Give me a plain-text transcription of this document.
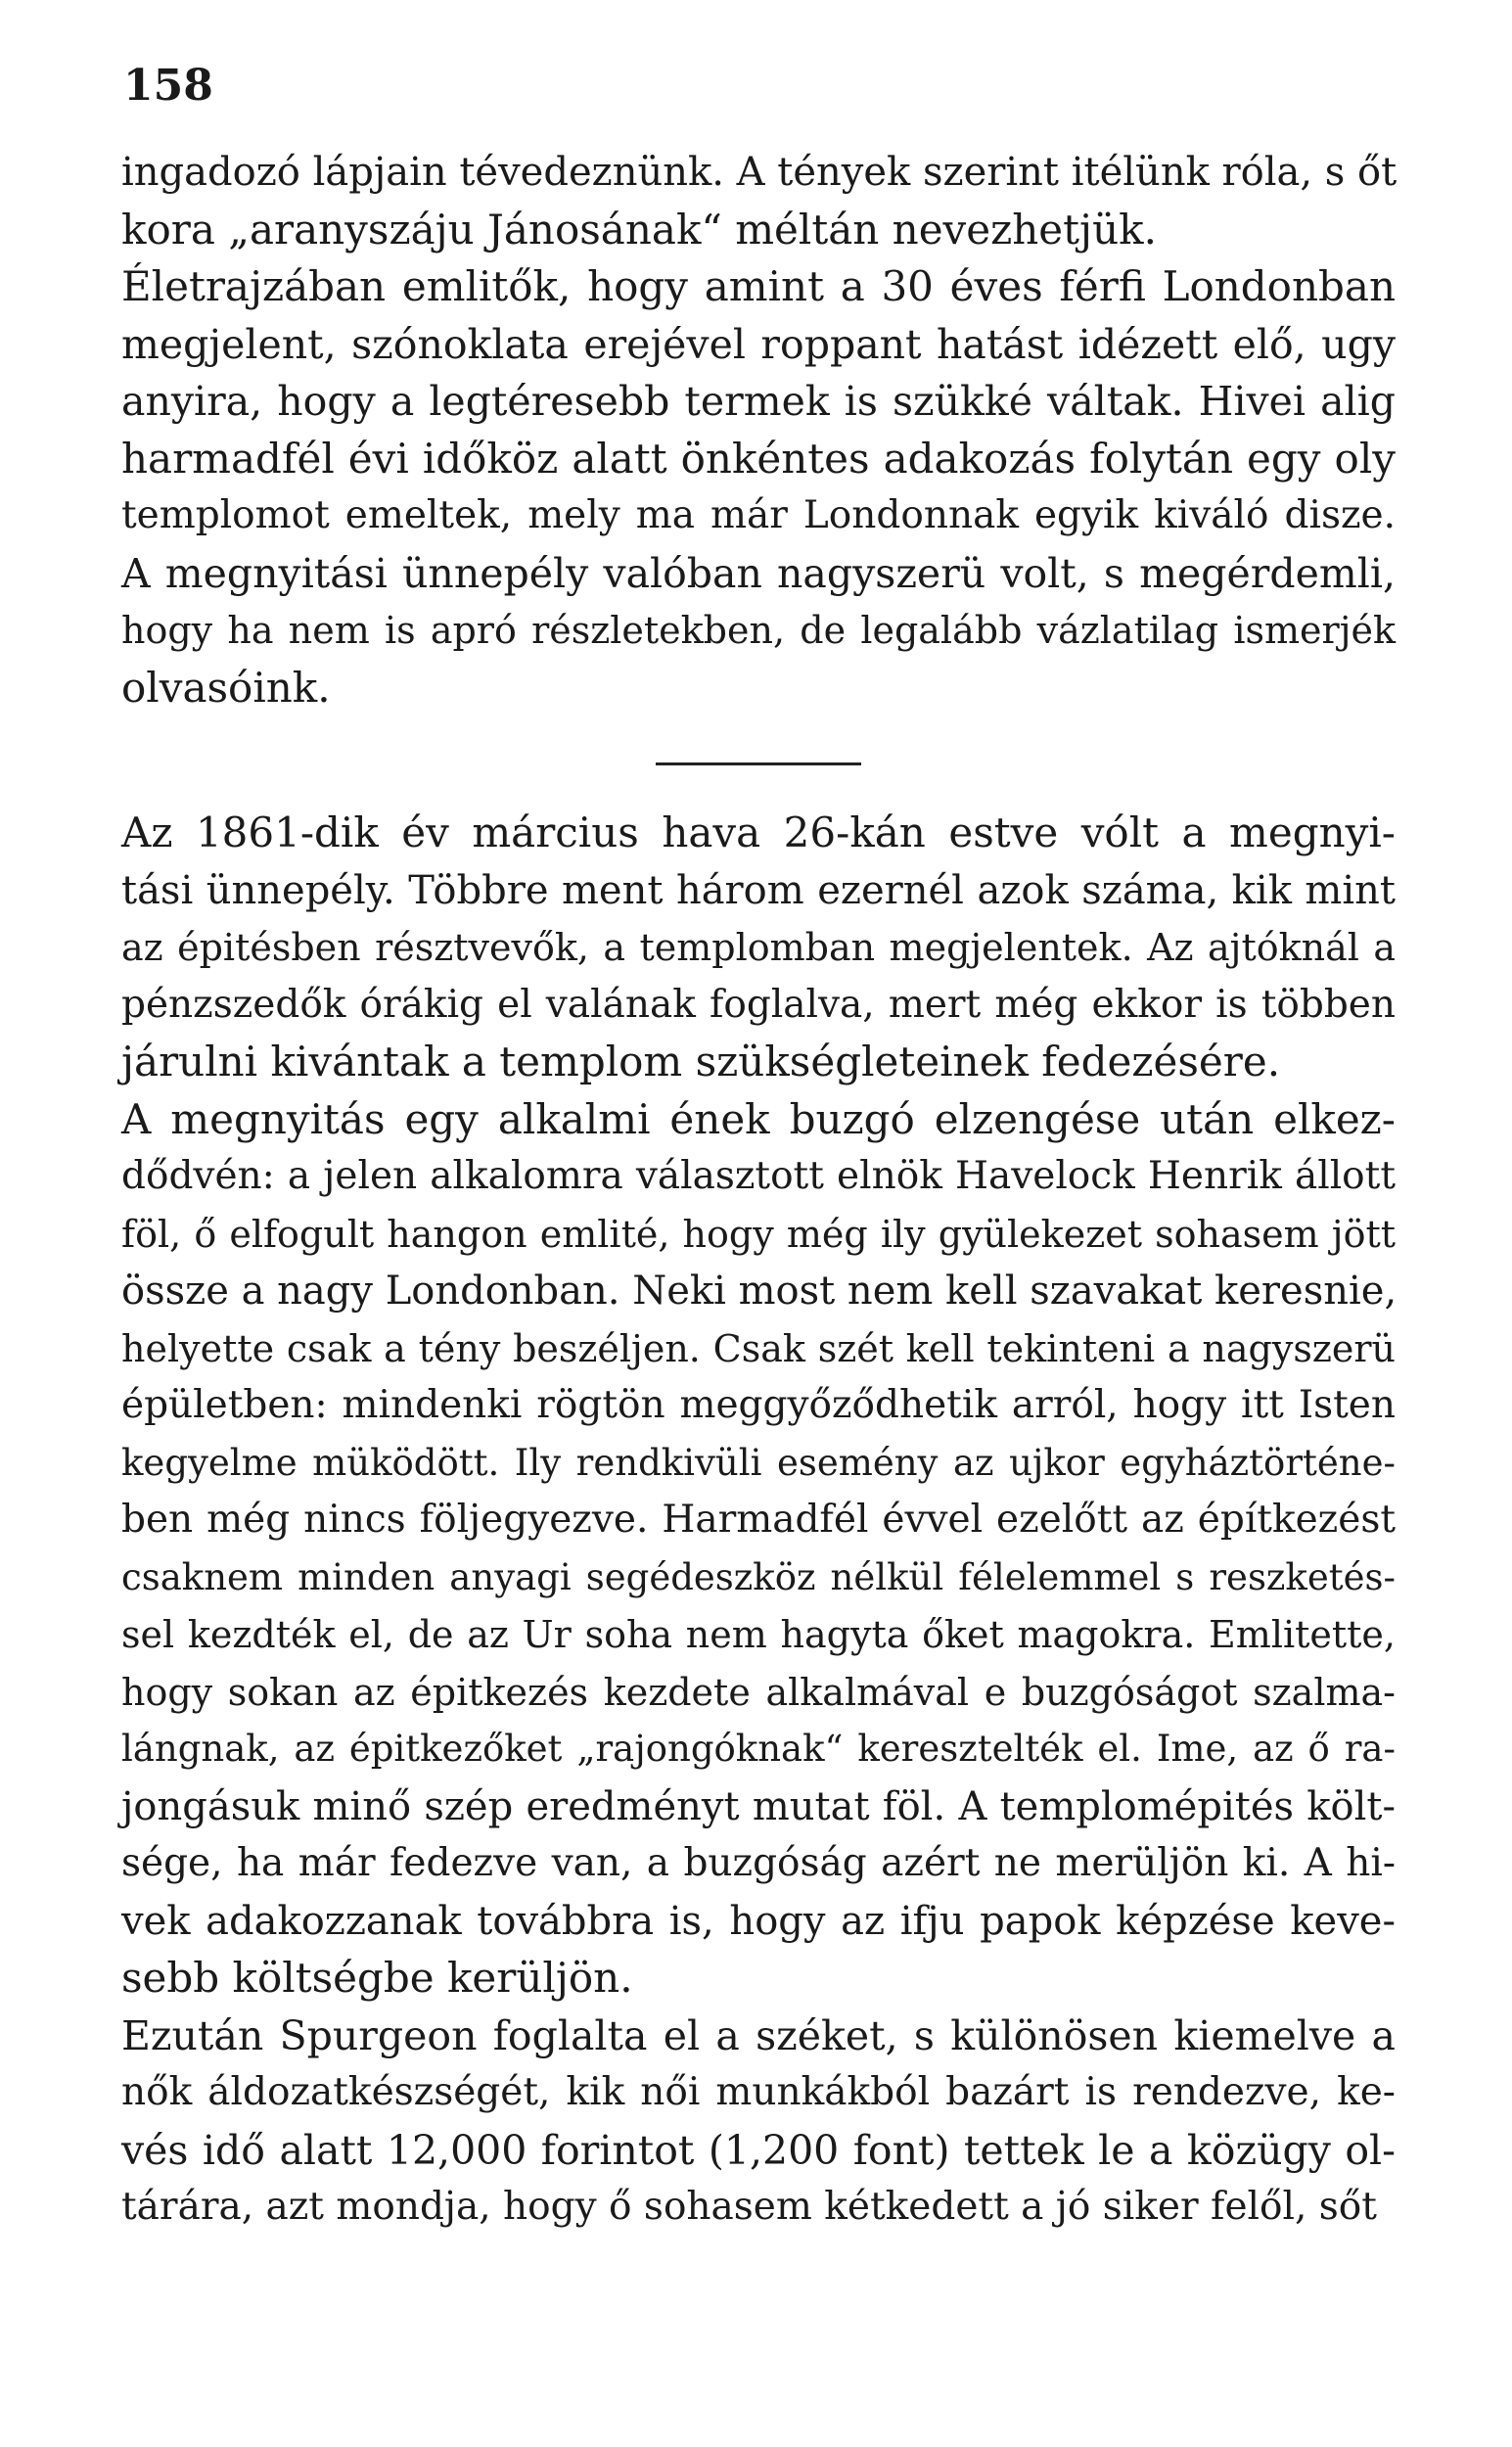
158
ingadozó lápjain tévedeznünk. A tények szerint itélünk róla, s őt
kora „aranyszáju Jánosának“ méltán nevezhetjük.
Életrajzában emlitők, hogy amint a 30 éves férfi Londonban
megjelent, szónoklata erejével roppant hatást idézett elő, ugy
anyira, hogy a legtéresebb termek is szükké váltak. Hivei alig
harmadfél évi időköz alatt önkéntes adakozás folytán egy oly
templomot emeltek, mely ma már Londonnak egyik kiváló disze.
A megnyitási ünnepély valóban nagyszerü volt, s megérdemli,
hogy ha nem is apró részletekben, de legalább vázlatilag ismerjék
olvasóink.
Az 1861-dik év március hava 26-kán estve vólt a megnyi-
tási ünnepély. Többre ment három ezernél azok száma, kik mint
az épitésben résztvevők, a templomban megjelentek. Az ajtóknál a
pénzszedők órákig el valának foglalva, mert még ekkor is többen
járulni kivántak a templom szükségleteinek fedezésére.
A megnyitás egy alkalmi ének buzgó elzengése után elkez-
dődvén: a jelen alkalomra választott elnök Havelock Henrik állott
föl, ő elfogult hangon emlité, hogy még ily gyülekezet sohasem jött
össze a nagy Londonban. Neki most nem kell szavakat keresnie,
helyette csak a tény beszéljen. Csak szét kell tekinteni a nagyszerü
épületben: mindenki rögtön meggyőződhetik arról, hogy itt Isten
kegyelme müködött. Ily rendkivüli esemény az ujkor egyháztörténe-
ben még nincs följegyezve. Harmadfél évvel ezelőtt az építkezést
csaknem minden anyagi segédeszköz nélkül félelemmel s reszketés-
sel kezdték el, de az Ur soha nem hagyta őket magokra. Emlitette,
hogy sokan az épitkezés kezdete alkalmával e buzgóságot szalma-
lángnak, az épitkezőket „rajongóknak“ keresztelték el. Ime, az ő ra-
jongásuk minő szép eredményt mutat föl. A templomépités költ-
sége, ha már fedezve van, a buzgóság azért ne merüljön ki. A hi-
vek adakozzanak továbbra is, hogy az ifju papok képzése keve-
sebb költségbe kerüljön.
Ezután Spurgeon foglalta el a széket, s különösen kiemelve a
nők áldozatkészségét, kik női munkákból bazárt is rendezve, ke-
vés idő alatt 12,000 forintot (1,200 font) tettek le a közügy ol-
tárára, azt mondja, hogy ő sohasem kétkedett a jó siker felől, sőt
